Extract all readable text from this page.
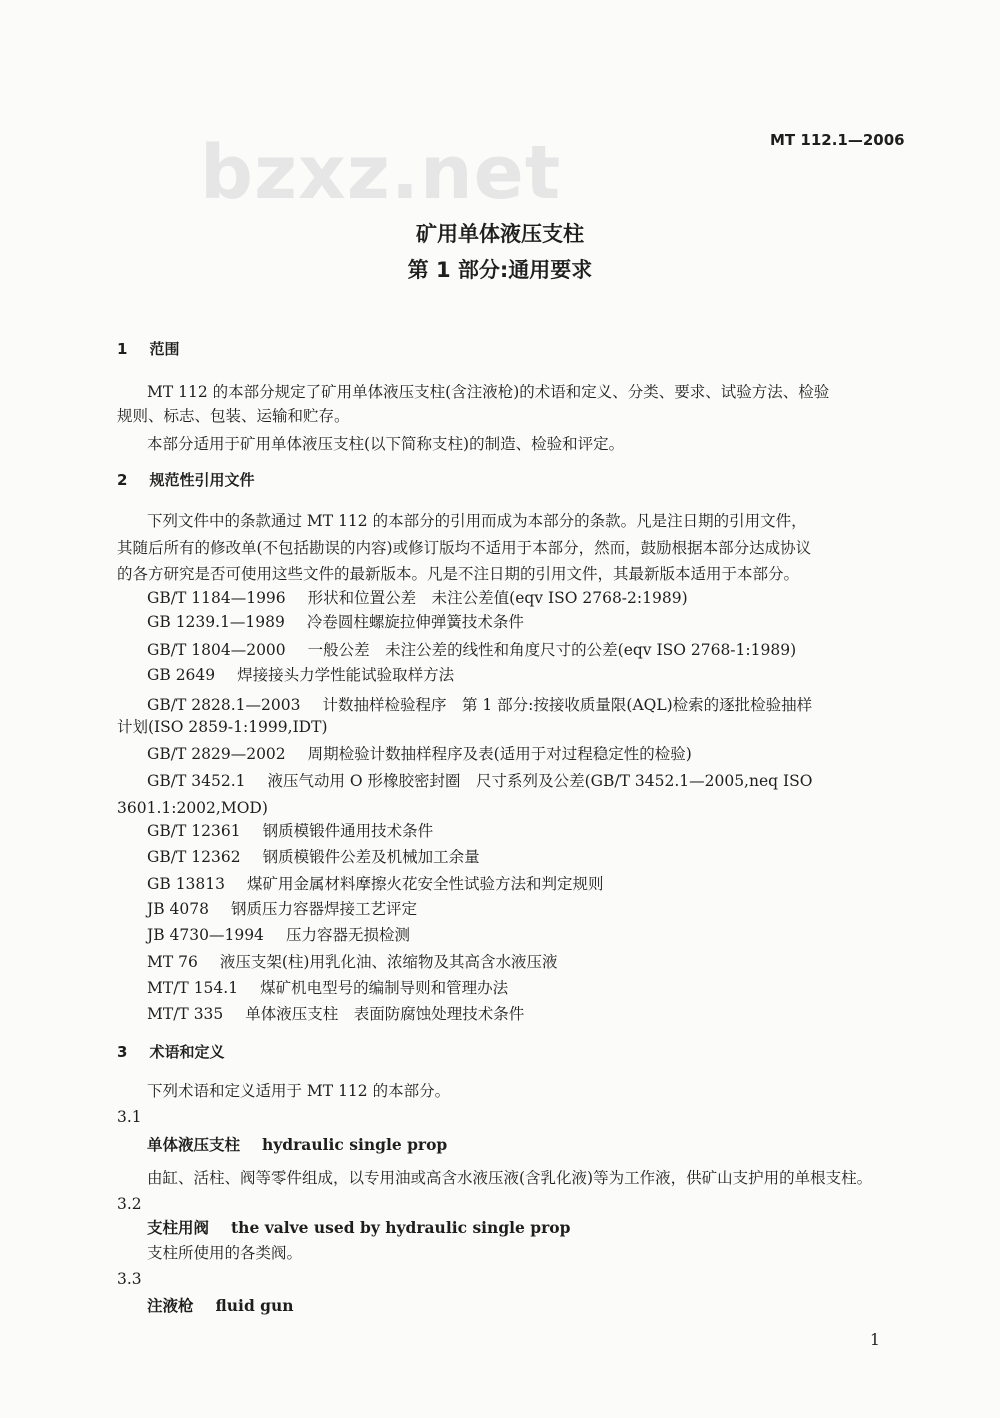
MT 112.1—2006
bzxz.net
矿用单体液压支柱
第 1 部分:通用要求
1 范围
MT 112 的本部分规定了矿用单体液压支柱(含注液枪)的术语和定义、分类、要求、试验方法、检验
规则、标志、包装、运输和贮存。
本部分适用于矿用单体液压支柱(以下简称支柱)的制造、检验和评定。
2 规范性引用文件
下列文件中的条款通过 MT 112 的本部分的引用而成为本部分的条款。凡是注日期的引用文件，
其随后所有的修改单(不包括勘误的内容)或修订版均不适用于本部分，然而，鼓励根据本部分达成协议
的各方研究是否可使用这些文件的最新版本。凡是不注日期的引用文件，其最新版本适用于本部分。
GB/T 1184—1996 形状和位置公差　未注公差值(eqv ISO 2768-2:1989)
GB 1239.1—1989 冷卷圆柱螺旋拉伸弹簧技术条件
GB/T 1804—2000 一般公差　未注公差的线性和角度尺寸的公差(eqv ISO 2768-1:1989)
GB 2649 焊接接头力学性能试验取样方法
GB/T 2828.1—2003 计数抽样检验程序　第 1 部分:按接收质量限(AQL)检索的逐批检验抽样
计划(ISO 2859-1:1999,IDT)
GB/T 2829—2002 周期检验计数抽样程序及表(适用于对过程稳定性的检验)
GB/T 3452.1 液压气动用 O 形橡胶密封圈　尺寸系列及公差(GB/T 3452.1—2005,neq ISO
3601.1:2002,MOD)
GB/T 12361 钢质模锻件通用技术条件
GB/T 12362 钢质模锻件公差及机械加工余量
GB 13813 煤矿用金属材料摩擦火花安全性试验方法和判定规则
JB 4078 钢质压力容器焊接工艺评定
JB 4730—1994 压力容器无损检测
MT 76 液压支架(柱)用乳化油、浓缩物及其高含水液压液
MT/T 154.1 煤矿机电型号的编制导则和管理办法
MT/T 335 单体液压支柱　表面防腐蚀处理技术条件
3 术语和定义
下列术语和定义适用于 MT 112 的本部分。
3.1
单体液压支柱 hydraulic single prop
由缸、活柱、阀等零件组成，以专用油或高含水液压液(含乳化液)等为工作液，供矿山支护用的单根支柱。
3.2
支柱用阀 the valve used by hydraulic single prop
支柱所使用的各类阀。
3.3
注液枪 fluid gun
1
